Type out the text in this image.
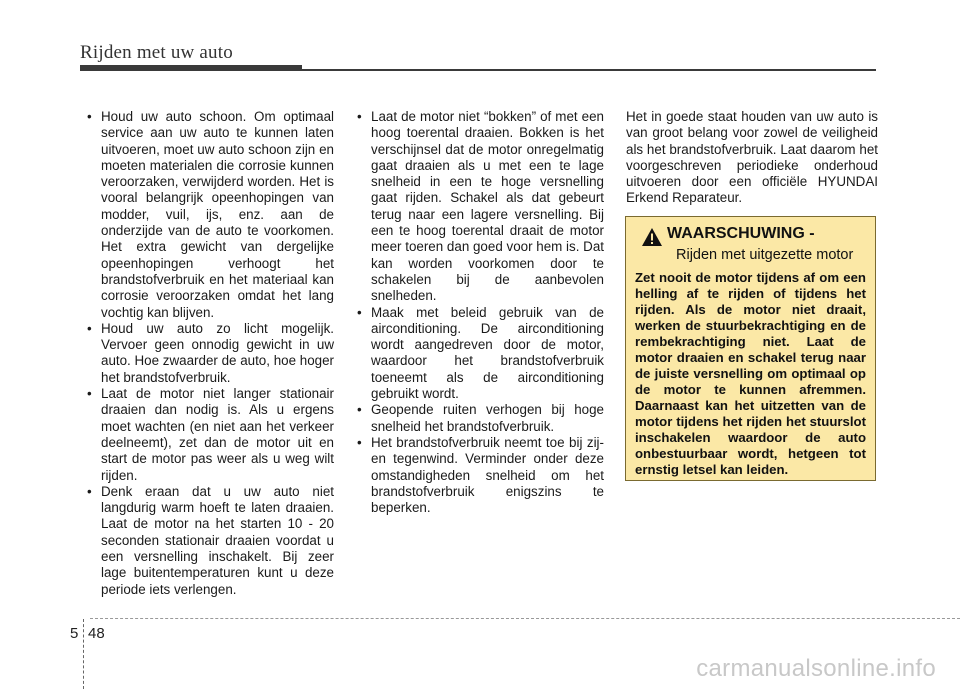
Rijden met uw auto
• Houd uw auto schoon. Om optimaal service aan uw auto te kunnen laten uitvoeren, moet uw auto schoon zijn en moeten materialen die corrosie kunnen veroorzaken, verwijderd worden. Het is vooral belangrijk opeenhopingen van modder, vuil, ijs, enz. aan de onderzijde van de auto te voorkomen. Het extra gewicht van dergelijke opeenhopingen verhoogt het brandstofverbruik en het materiaal kan corrosie veroorzaken omdat het lang vochtig kan blijven.
• Houd uw auto zo licht mogelijk. Vervoer geen onnodig gewicht in uw auto. Hoe zwaarder de auto, hoe hoger het brandstofverbruik.
• Laat de motor niet langer stationair draaien dan nodig is. Als u ergens moet wachten (en niet aan het verkeer deelneemt), zet dan de motor uit en start de motor pas weer als u weg wilt rijden.
• Denk eraan dat u uw auto niet langdurig warm hoeft te laten draaien. Laat de motor na het starten 10 - 20 seconden stationair draaien voordat u een versnelling inschakelt. Bij zeer lage buitentemperaturen kunt u deze periode iets verlengen.
• Laat de motor niet “bokken” of met een hoog toerental draaien. Bokken is het verschijnsel dat de motor onregelmatig gaat draaien als u met een te lage snelheid in een te hoge versnelling gaat rijden. Schakel als dat gebeurt terug naar een lagere versnelling. Bij een te hoog toerental draait de motor meer toeren dan goed voor hem is. Dat kan worden voorkomen door te schakelen bij de aanbevolen snelheden.
• Maak met beleid gebruik van de airconditioning. De airconditioning wordt aangedreven door de motor, waardoor het brandstofverbruik toeneemt als de airconditioning gebruikt wordt.
• Geopende ruiten verhogen bij hoge snelheid het brandstofverbruik.
• Het brandstofverbruik neemt toe bij zij-en tegenwind. Verminder onder deze omstandigheden snelheid om het brandstofverbruik enigszins te beperken.
Het in goede staat houden van uw auto is van groot belang voor zowel de veiligheid als het brandstofverbruik. Laat daarom het voorgeschreven periodieke onderhoud uitvoeren door een officiële HYUNDAI Erkend Reparateur.
WAARSCHUWING -
Rijden met uitgezette motor
Zet nooit de motor tijdens af om een helling af te rijden of tijdens het rijden. Als de motor niet draait, werken de stuurbekrachtiging en de rembekrachtiging niet. Laat de motor draaien en schakel terug naar de juiste versnelling om optimaal op de motor te kunnen afremmen. Daarnaast kan het uitzetten van de motor tijdens het rijden het stuurslot inschakelen waardoor de auto onbestuurbaar wordt, hetgeen tot ernstig letsel kan leiden.
5 48
carmanualsonline.info
